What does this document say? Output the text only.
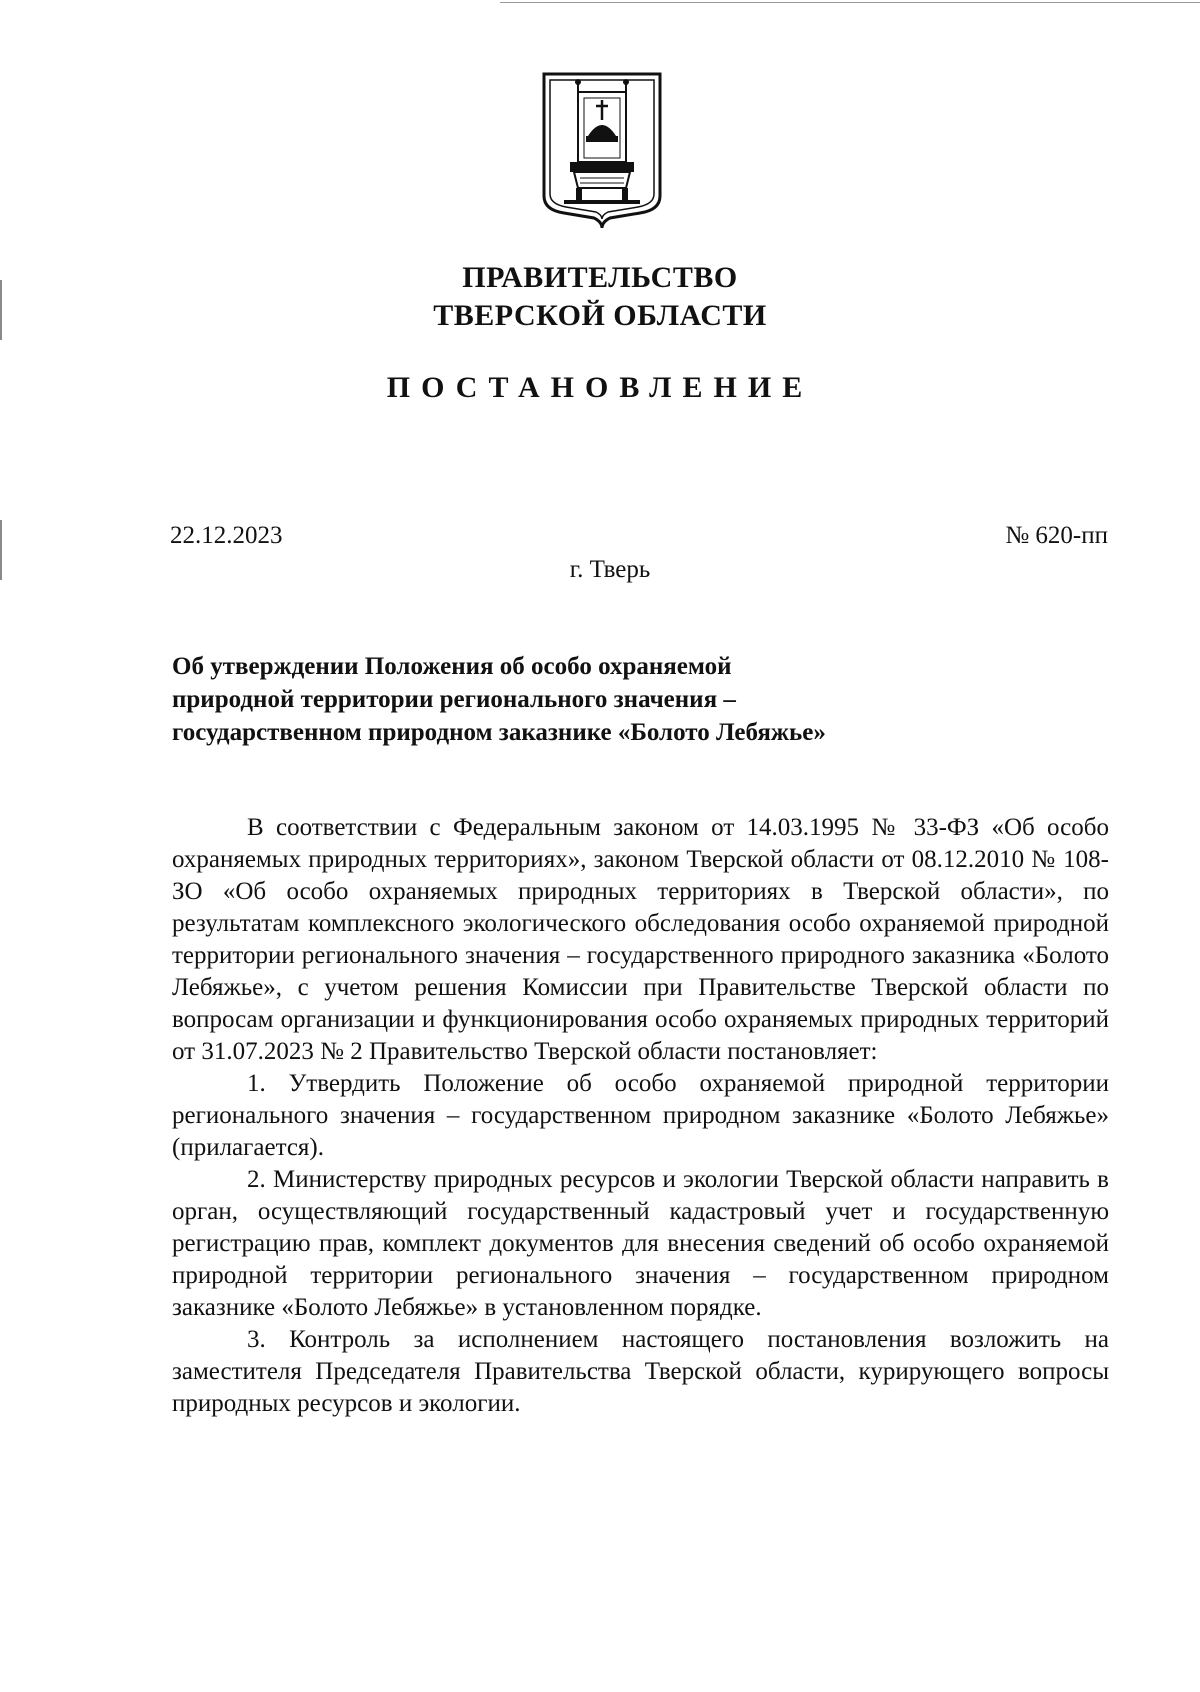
ПРАВИТЕЛЬСТВО
ТВЕРСКОЙ ОБЛАСТИ
ПОСТАНОВЛЕНИЕ
22.12.2023	№ 620-пп
г. Тверь
Об утверждении Положения об особо охраняемой
природной территории регионального значения –
государственном природном заказнике «Болото Лебяжье»

В соответствии с Федеральным законом от 14.03.1995 № 33-ФЗ «Об особо охраняемых природных территориях», законом Тверской области от 08.12.2010 № 108-ЗО «Об особо охраняемых природных территориях в Тверской области», по результатам комплексного экологического обследования особо охраняемой природной территории регионального значения – государственного природного заказника «Болото Лебяжье», с учетом решения Комиссии при Правительстве Тверской области по вопросам организации и функционирования особо охраняемых природных территорий от 31.07.2023 № 2 Правительство Тверской области постановляет:

1. Утвердить Положение об особо охраняемой природной территории регионального значения – государственном природном заказнике «Болото Лебяжье» (прилагается).

2. Министерству природных ресурсов и экологии Тверской области направить в орган, осуществляющий государственный кадастровый учет и государственную регистрацию прав, комплект документов для внесения сведений об особо охраняемой природной территории регионального значения – государственном природном заказнике «Болото Лебяжье» в установленном порядке.

3. Контроль за исполнением настоящего постановления возложить на заместителя Председателя Правительства Тверской области, курирующего вопросы природных ресурсов и экологии.
